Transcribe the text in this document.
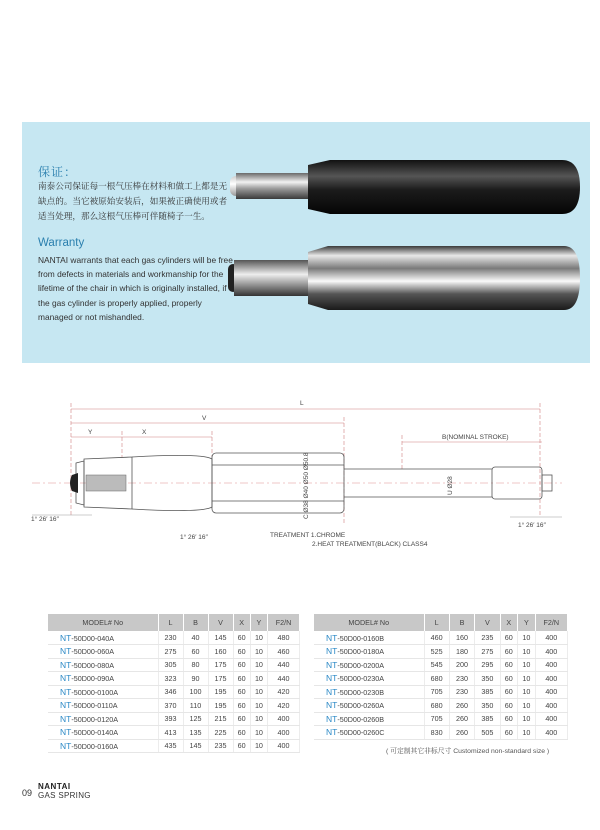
保证：
南泰公司保证每一根气压棒在材料和做工上都是无缺点的。当它被原始安装后，如果被正确使用或者适当处理，那么这根气压棒可伴随椅子一生。
Warranty
NANTAI warrants that each gas cylinders will be free from defects in materials and workmanship for the lifetime of the chair in which is originally installed, if the gas cylinder is properly applied, properly managed or not mishandled.
L
V
Y	X
B(NOMINAL STROKE)
1° 26′ 16″
1° 26′ 16″
1° 26′ 16″
C Ø38 Ø40 Ø50 Ø50.8	U Ø28
TREATMENT 1.CHROME
2.HEAT TREATMENT(BLACK) CLASS4
MODEL# No	L	B	V	X	Y	F2/N
NT-50D00-040A	230	40	145	60	10	480
NT-50D00-060A	275	60	160	60	10	460
NT-50D00-080A	305	80	175	60	10	440
NT-50D00-090A	323	90	175	60	10	440
NT-50D00-0100A	346	100	195	60	10	420
NT-50D00-0110A	370	110	195	60	10	420
NT-50D00-0120A	393	125	215	60	10	400
NT-50D00-0140A	413	135	225	60	10	400
NT-50D00-0160A	435	145	235	60	10	400
MODEL# No	L	B	V	X	Y	F2/N
NT-50D00-0160B	460	160	235	60	10	400
NT-50D00-0180A	525	180	275	60	10	400
NT-50D00-0200A	545	200	295	60	10	400
NT-50D00-0230A	680	230	350	60	10	400
NT-50D00-0230B	705	230	385	60	10	400
NT-50D00-0260A	680	260	350	60	10	400
NT-50D00-0260B	705	260	385	60	10	400
NT-50D00-0260C	830	260	505	60	10	400
( 可定制其它非标尺寸 Customized non-standard size )
09
NANTAI
GAS SPRING
